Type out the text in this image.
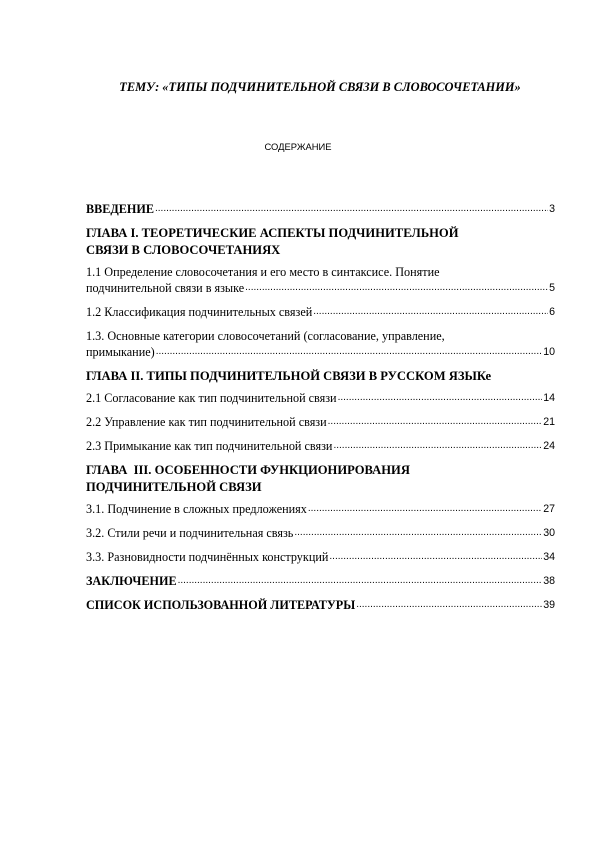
ТЕМУ: «ТИПЫ ПОДЧИНИТЕЛЬНОЙ СВЯЗИ В СЛОВОСОЧЕТАНИИ»
СОДЕРЖАНИЕ
ВВЕДЕНИЕ .....	3
ГЛАВА I. ТЕОРЕТИЧЕСКИЕ АСПЕКТЫ ПОДЧИНИТЕЛЬНОЙ
СВЯЗИ В СЛОВОСОЧЕТАНИЯХ
1.1 Определение словосочетания и его место в синтаксисе. Понятие
подчинительной связи в языке .....	5
1.2 Классификация подчинительных связей .....	6
1.3. Основные категории словосочетаний (согласование, управление,
примыкание) .....	10
ГЛАВА II. ТИПЫ ПОДЧИНИТЕЛЬНОЙ СВЯЗИ В РУССКОМ ЯЗЫКе
2.1 Согласование как тип подчинительной связи .....	14
2.2 Управление как тип подчинительной связи .....	21
2.3 Примыкание как тип подчинительной связи .....	24
ГЛАВА  III. ОСОБЕННОСТИ ФУНКЦИОНИРОВАНИЯ
ПОДЧИНИТЕЛЬНОЙ СВЯЗИ
3.1. Подчинение в сложных предложениях .....	27
3.2. Стили речи и подчинительная связь .....	30
3.3. Разновидности подчинённых конструкций .....	34
ЗАКЛЮЧЕНИЕ .....	38
СПИСОК ИСПОЛЬЗОВАННОЙ ЛИТЕРАТУРЫ .....	39
